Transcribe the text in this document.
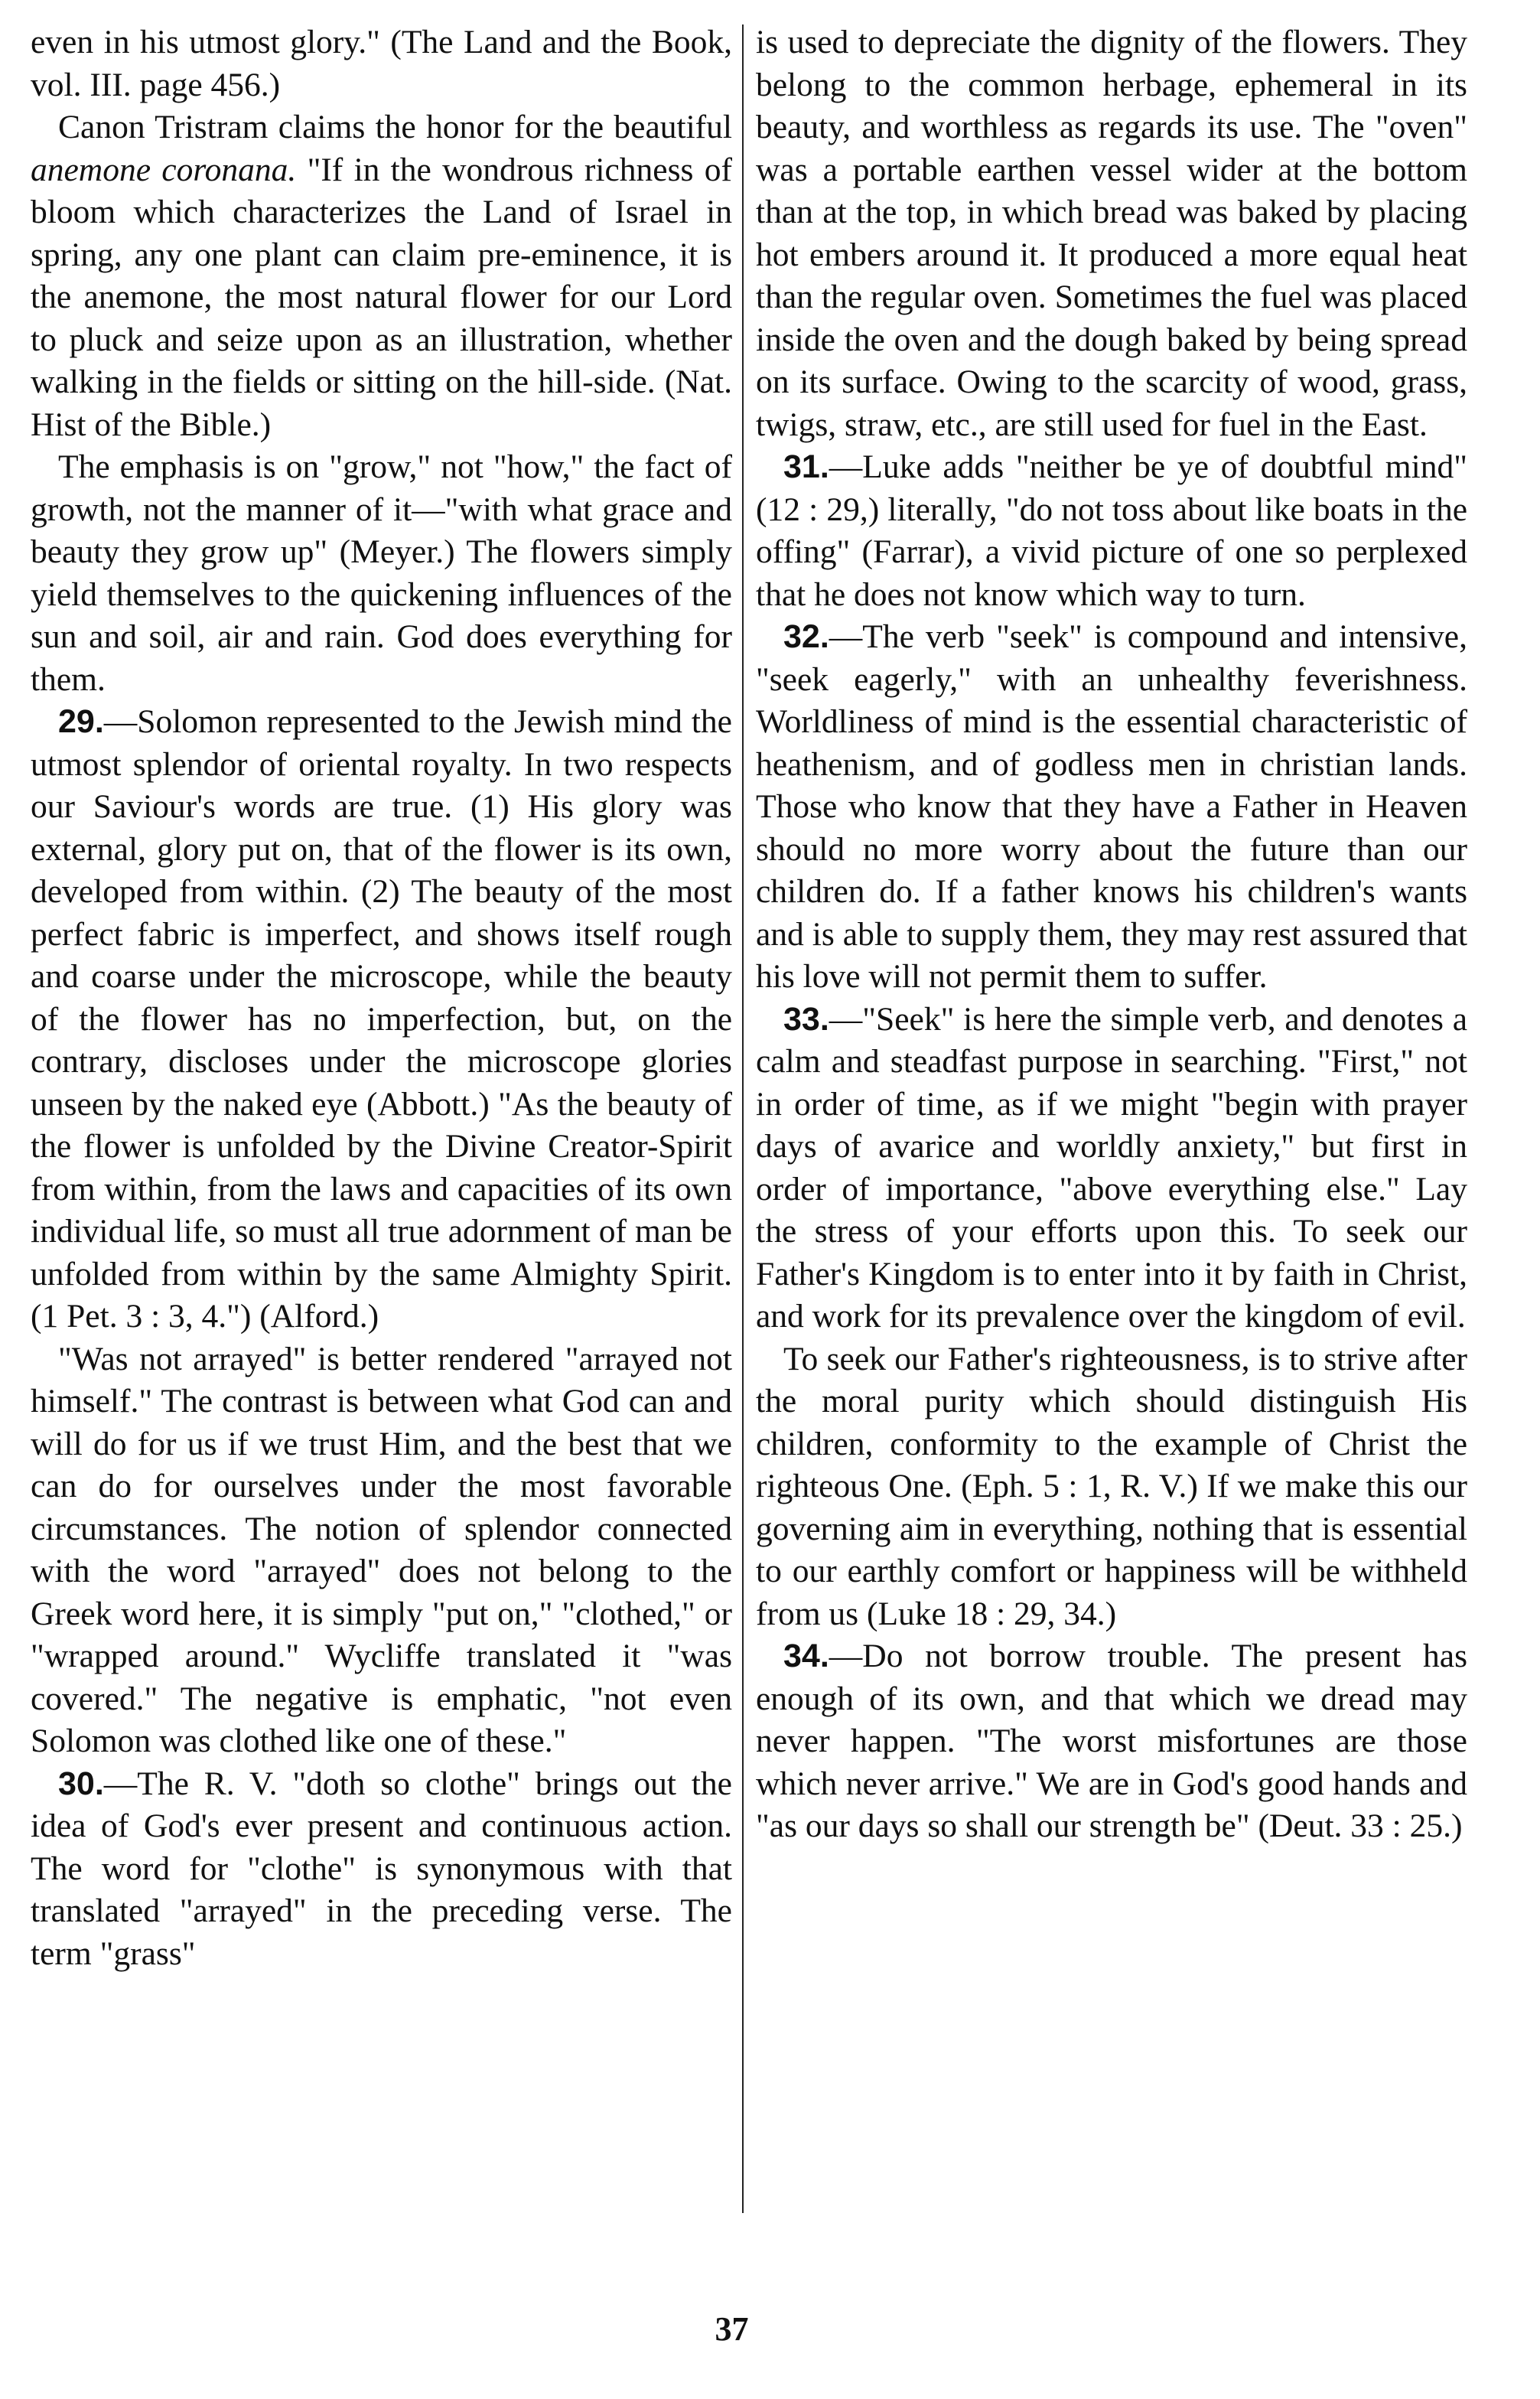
even in his utmost glory." (The Land and the Book, vol. III. page 456.)

Canon Tristram claims the honor for the beautiful anemone coronana. "If in the wondrous richness of bloom which characterizes the Land of Israel in spring, any one plant can claim pre-eminence, it is the anemone, the most natural flower for our Lord to pluck and seize upon as an illustration, whether walking in the fields or sitting on the hill-side. (Nat. Hist of the Bible.)

The emphasis is on "grow," not "how," the fact of growth, not the manner of it—"with what grace and beauty they grow up" (Meyer.) The flowers simply yield themselves to the quickening influences of the sun and soil, air and rain. God does everything for them.

29.—Solomon represented to the Jewish mind the utmost splendor of oriental royalty. In two respects our Saviour's words are true. (1) His glory was external, glory put on, that of the flower is its own, developed from within. (2) The beauty of the most perfect fabric is imperfect, and shows itself rough and coarse under the microscope, while the beauty of the flower has no imperfection, but, on the contrary, discloses under the microscope glories unseen by the naked eye (Abbott.) "As the beauty of the flower is unfolded by the Divine Creator-Spirit from within, from the laws and capacities of its own individual life, so must all true adornment of man be unfolded from within by the same Almighty Spirit. (1 Pet. 3 : 3, 4.") (Alford.)

"Was not arrayed" is better rendered "arrayed not himself." The contrast is between what God can and will do for us if we trust Him, and the best that we can do for ourselves under the most favorable circumstances. The notion of splendor connected with the word "arrayed" does not belong to the Greek word here, it is simply "put on," "clothed," or "wrapped around." Wycliffe translated it "was covered." The negative is emphatic, "not even Solomon was clothed like one of these."

30.—The R. V. "doth so clothe" brings out the idea of God's ever present and continuous action. The word for "clothe" is synonymous with that translated "arrayed" in the preceding verse. The term "grass"

is used to depreciate the dignity of the flowers. They belong to the common herbage, ephemeral in its beauty, and worthless as regards its use. The "oven" was a portable earthen vessel wider at the bottom than at the top, in which bread was baked by placing hot embers around it. It produced a more equal heat than the regular oven. Sometimes the fuel was placed inside the oven and the dough baked by being spread on its surface. Owing to the scarcity of wood, grass, twigs, straw, etc., are still used for fuel in the East.

31.—Luke adds "neither be ye of doubtful mind" (12 : 29,) literally, "do not toss about like boats in the offing" (Farrar), a vivid picture of one so perplexed that he does not know which way to turn.

32.—The verb "seek" is compound and intensive, "seek eagerly," with an unhealthy feverishness. Worldliness of mind is the essential characteristic of heathenism, and of godless men in christian lands. Those who know that they have a Father in Heaven should no more worry about the future than our children do. If a father knows his children's wants and is able to supply them, they may rest assured that his love will not permit them to suffer.

33.—"Seek" is here the simple verb, and denotes a calm and steadfast purpose in searching. "First," not in order of time, as if we might "begin with prayer days of avarice and worldly anxiety," but first in order of importance, "above everything else." Lay the stress of your efforts upon this. To seek our Father's Kingdom is to enter into it by faith in Christ, and work for its prevalence over the kingdom of evil.

To seek our Father's righteousness, is to strive after the moral purity which should distinguish His children, conformity to the example of Christ the righteous One. (Eph. 5 : 1, R. V.) If we make this our governing aim in everything, nothing that is essential to our earthly comfort or happiness will be withheld from us (Luke 18 : 29, 34.)

34.—Do not borrow trouble. The present has enough of its own, and that which we dread may never happen. "The worst misfortunes are those which never arrive." We are in God's good hands and "as our days so shall our strength be" (Deut. 33 : 25.)

37
